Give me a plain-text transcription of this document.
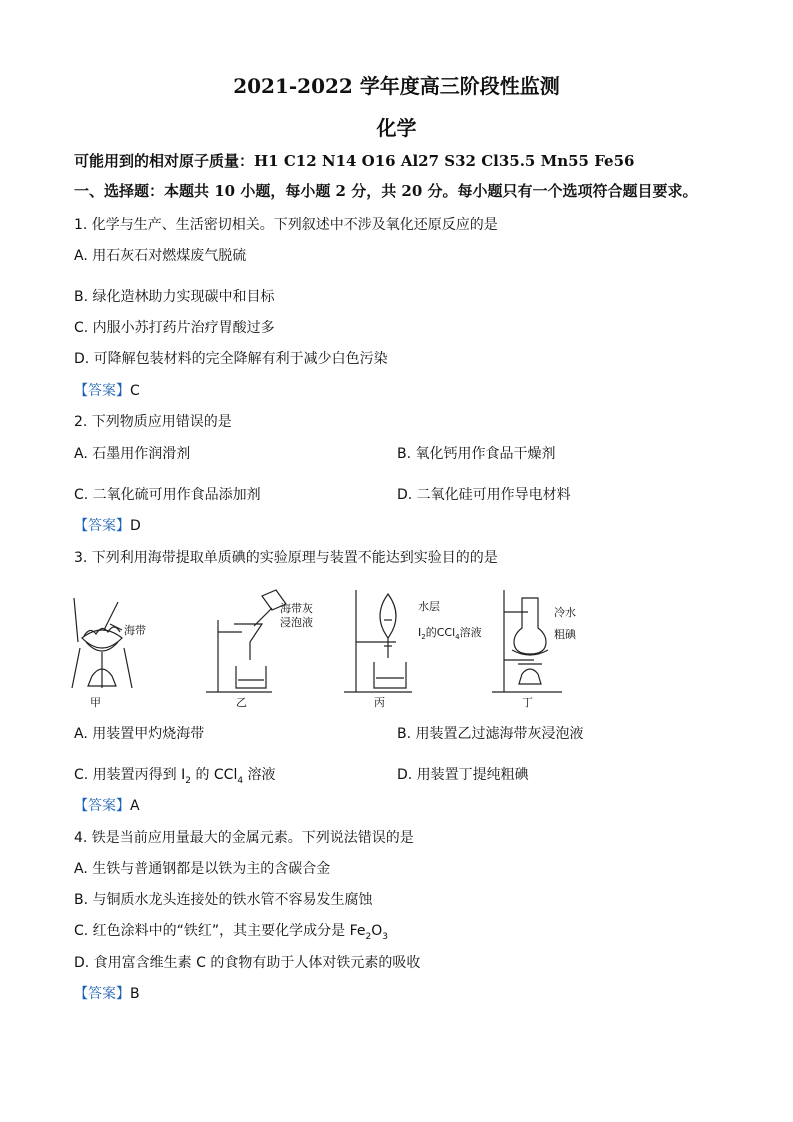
2021-2022 学年度高三阶段性监测
化学
可能用到的相对原子质量：H1 C12 N14 O16 Al27 S32 Cl35.5 Mn55 Fe56
一、选择题：本题共 10 小题，每小题 2 分，共 20 分。每小题只有一个选项符合题目要求。
1. 化学与生产、生活密切相关。下列叙述中不涉及氧化还原反应的是
A. 用石灰石对燃煤废气脱硫
B. 绿化造林助力实现碳中和目标
C. 内服小苏打药片治疗胃酸过多
D. 可降解包装材料的完全降解有利于减少白色污染
【答案】C
2. 下列物质应用错误的是
A. 石墨用作润滑剂	B. 氧化钙用作食品干燥剂
C. 二氧化硫可用作食品添加剂	D. 二氧化硅可用作导电材料
【答案】D
3. 下列利用海带提取单质碘的实验原理与装置不能达到实验目的的是
海带
海带灰
浸泡液
水层
$I_2$的CCl$_4$溶液
冷水
粗碘
甲	乙	丙	丁
A. 用装置甲灼烧海带	B. 用装置乙过滤海带灰浸泡液
C. 用装置丙得到 $I_2$ 的 CCl$_4$ 溶液	D. 用装置丁提纯粗碘
【答案】A
4. 铁是当前应用量最大的金属元素。下列说法错误的是
A. 生铁与普通钢都是以铁为主的含碳合金
B. 与铜质水龙头连接处的铁水管不容易发生腐蚀
C. 红色涂料中的“铁红”，其主要化学成分是 $Fe_2O_3$
D. 食用富含维生素 C 的食物有助于人体对铁元素的吸收
【答案】B
